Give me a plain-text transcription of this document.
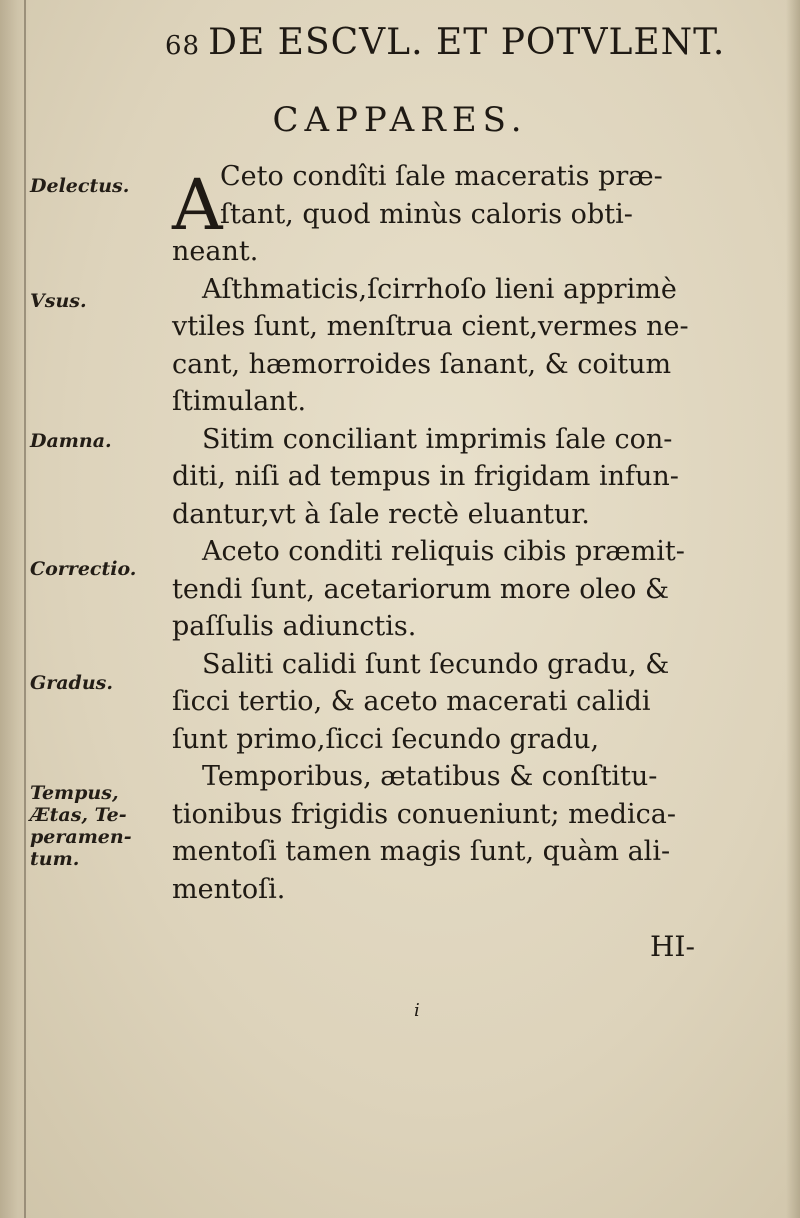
68 DE ESCVL. ET POTVLENT.
CAPPARES.
Delectus.
Vsus.
Damna.
Correctio.
Gradus.
Tempus,
Ætas, Te-
peramen-
tum.
A
Ceto condîti ſale maceratis præ-
ſtant, quod minùs caloris obti-
neant.
Aſthmaticis,ſcirrhoſo lieni apprimè
vtiles ſunt, menſtrua cient,vermes ne-
cant, hæmorroides ſanant, & coitum
ſtimulant.
Sitim conciliant imprimis ſale con-
diti, niſi ad tempus in frigidam infun-
dantur,vt à ſale rectè eluantur.
Aceto conditi reliquis cibis præmit-
tendi ſunt, acetariorum more oleo &
paſſulis adiunctis.
Saliti calidi ſunt ſecundo gradu, &
ſicci tertio, & aceto macerati calidi
ſunt primo,ſicci ſecundo gradu,
Temporibus, ætatibus & conſtitu-
tionibus frigidis conueniunt; medica-
mentoſi tamen magis ſunt, quàm ali-
mentoſi.
HI-
i
